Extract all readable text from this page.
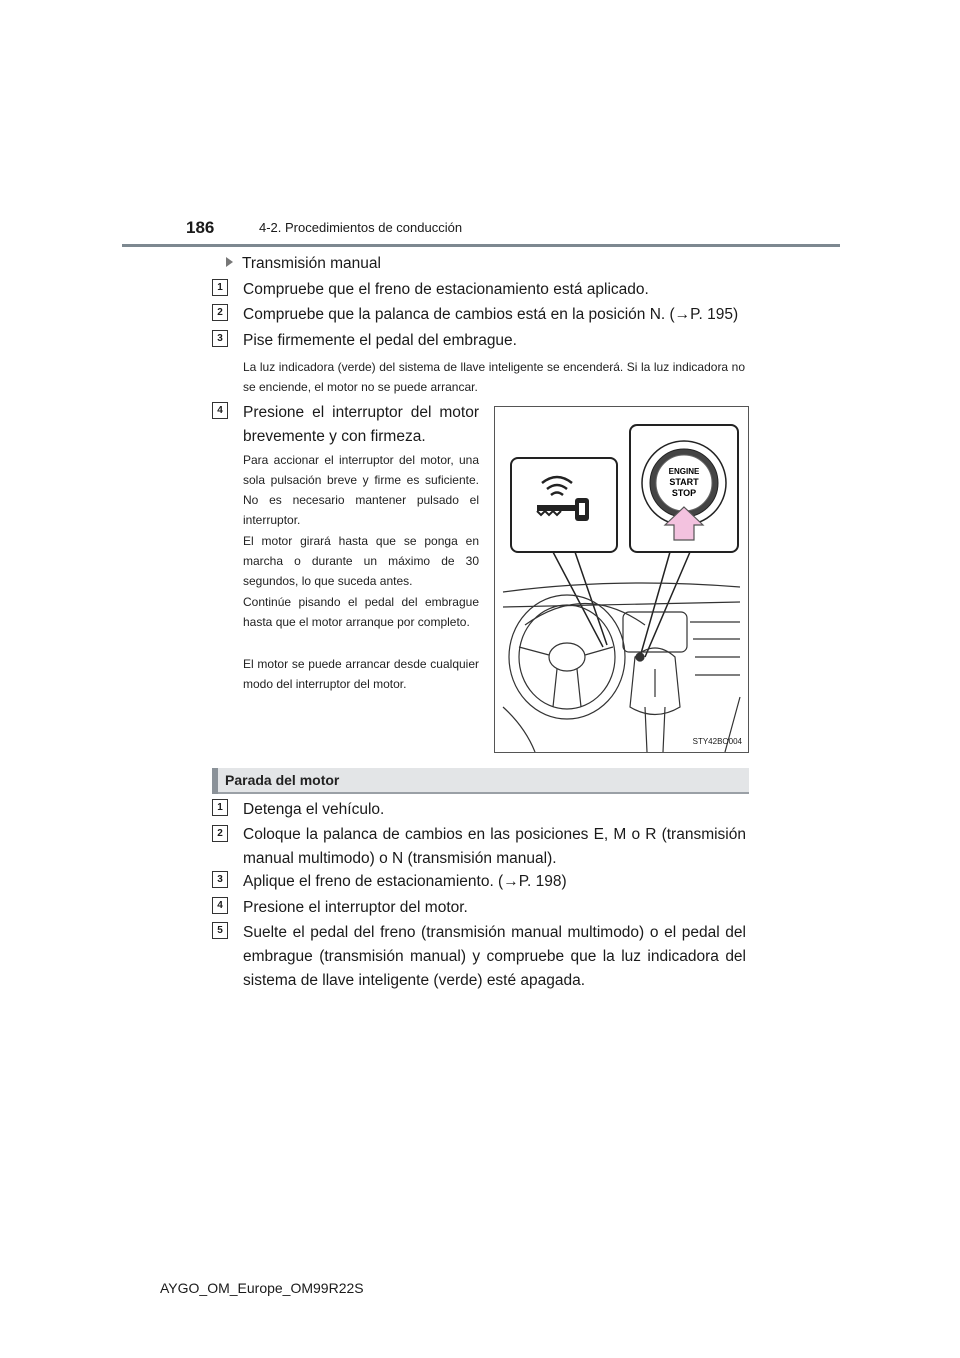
186	4-2. Procedimientos de conducción
Transmisión manual
1	Compruebe que el freno de estacionamiento está aplicado.
2	Compruebe que la palanca de cambios está en la posición N. (→P. 195)
3	Pise firmemente el pedal del embrague.
La luz indicadora (verde) del sistema de llave inteligente se encenderá. Si la luz indicadora no se enciende, el motor no se puede arrancar.
4	Presione el interruptor del motor brevemente y con firmeza.
Para accionar el interruptor del motor, una sola pulsación breve y firme es suficiente. No es necesario mantener pulsado el interruptor.
El motor girará hasta que se ponga en marcha o durante un máximo de 30 segundos, lo que suceda antes.
Continúe pisando el pedal del embrague hasta que el motor arranque por completo.
El motor se puede arrancar desde cualquier modo del interruptor del motor.
ENGINE
START
STOP
STY42BO004
Parada del motor
1	Detenga el vehículo.
2	Coloque la palanca de cambios en las posiciones E, M o R (transmisión manual multimodo) o N (transmisión manual).
3	Aplique el freno de estacionamiento. (→P. 198)
4	Presione el interruptor del motor.
5	Suelte el pedal del freno (transmisión manual multimodo) o el pedal del embrague (transmisión manual) y compruebe que la luz indicadora del sistema de llave inteligente (verde) esté apagada.
AYGO_OM_Europe_OM99R22S
